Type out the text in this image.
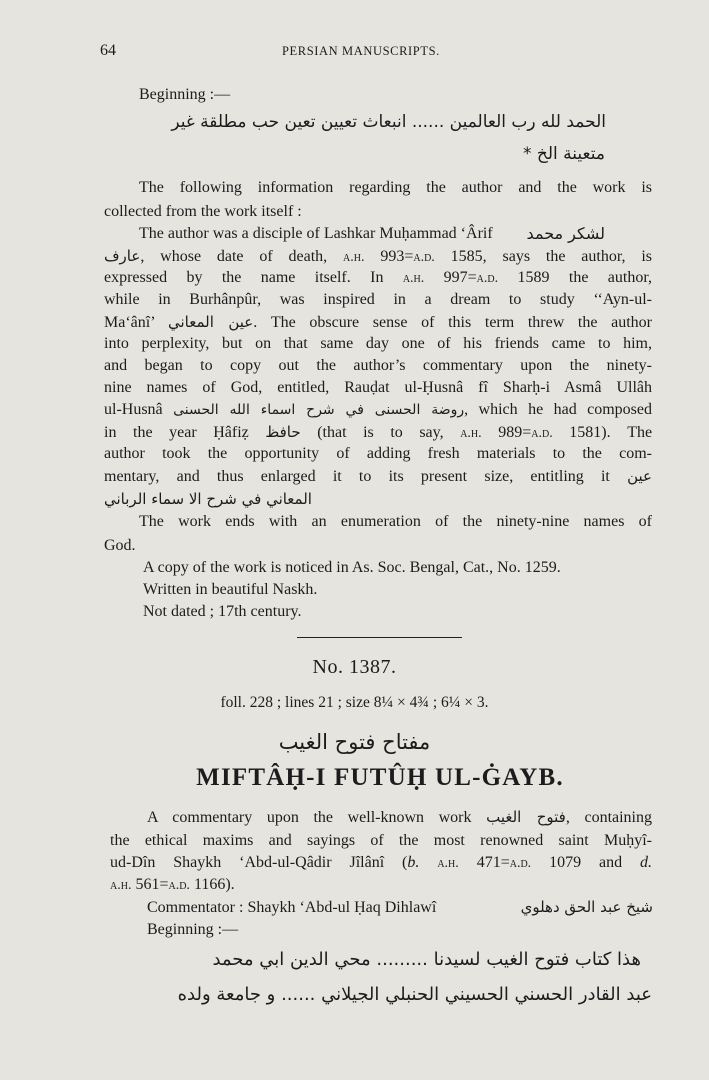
64	PERSIAN MANUSCRIPTS.
Beginning :—
الحمد لله رب العالمين ...... انبعاث تعيين تعين حب مطلقة غير
متعينة الخ *
The following information regarding the author and the work is
collected from the work itself :
The author was a disciple of Lashkar Muḥammad ‘Ârif لشكر محمد
عارف, whose date of death, a.h. 993=a.d. 1585, says the author, is
expressed by the name itself. In a.h. 997=a.d. 1589 the author,
while in Burhânpûr, was inspired in a dream to study ‘‘Ayn-ul-
Ma‘ânî’ عين المعاني. The obscure sense of this term threw the author
into perplexity, but on that same day one of his friends came to him,
and began to copy out the author’s commentary upon the ninety-
nine names of God, entitled, Rauḍat ul-Ḥusnâ fî Sharḥ-i Asmâ Ullâh
ul-Husnâ روضة الحسنى في شرح اسماء الله الحسنى, which he had composed
in the year Ḥâfiẓ حافظ (that is to say, a.h. 989=a.d. 1581). The
author took the opportunity of adding fresh materials to the com-
mentary, and thus enlarged it to its present size, entitling it عين
المعاني في شرح الا سماء الرباني
The work ends with an enumeration of the ninety-nine names of
God.
A copy of the work is noticed in As. Soc. Bengal, Cat., No. 1259.
Written in beautiful Naskh.
Not dated ; 17th century.
No. 1387.
foll. 228 ; lines 21 ; size 8¼ × 4¾ ; 6¼ × 3.
مفتاح فتوح الغيب
MIFTÂḤ-I FUTÛḤ UL-ĠAYB.
A commentary upon the well-known work فتوح الغيب, containing
the ethical maxims and sayings of the most renowned saint Muḥyî-
ud-Dîn Shaykh ‘Abd-ul-Qâdir Jîlânî (b. a.h. 471=a.d. 1079 and d.
a.h. 561=a.d. 1166).
Commentator : Shaykh ‘Abd-ul Ḥaq Dihlawî	شيخ عبد الحق دهلوي
Beginning :—
هذا كتاب فتوح الغيب لسيدنا ......... محي الدين ابي محمد
عبد القادر الحسني الحسيني الحنبلي الجيلاني ...... و جامعة ولده
